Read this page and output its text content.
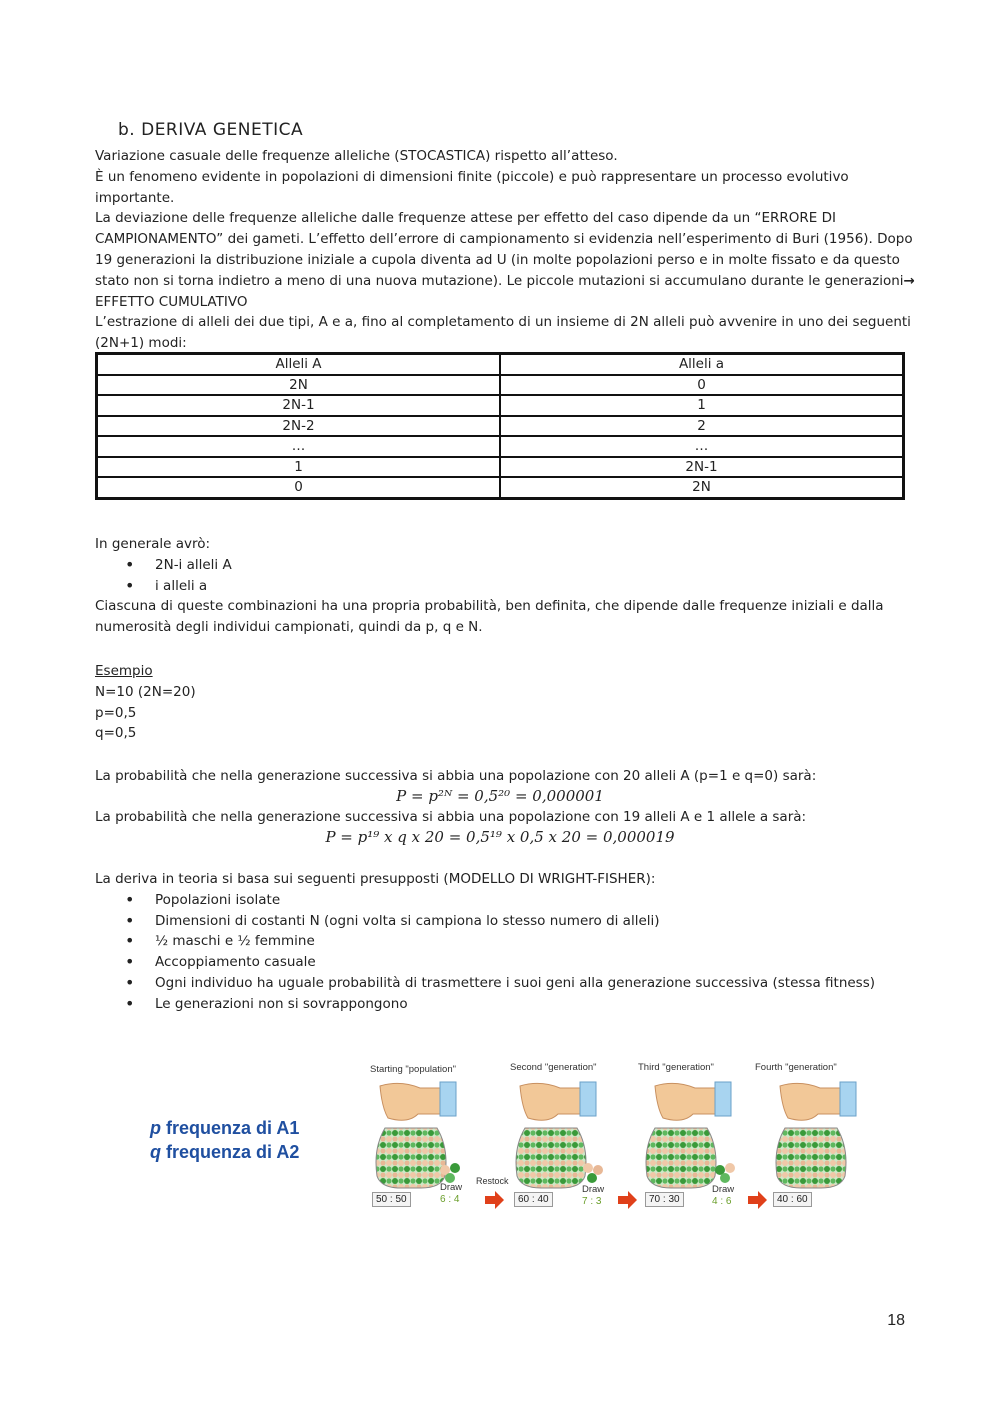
b. DERIVA GENETICA

Variazione casuale delle frequenze alleliche (STOCASTICA) rispetto all’atteso.

È un fenomeno evidente in popolazioni di dimensioni finite (piccole) e può rappresentare un processo evolutivo importante.

La deviazione delle frequenze alleliche dalle frequenze attese per effetto del caso dipende da un “ERRORE DI CAMPIONAMENTO” dei gameti. L’effetto dell’errore di campionamento si evidenzia nell’esperimento di Buri (1956). Dopo 19 generazioni la distribuzione iniziale a cupola diventa ad U (in molte popolazioni perso e in molte fissato e da questo stato non si torna indietro a meno di una nuova mutazione). Le piccole mutazioni si accumulano durante le generazioni→ EFFETTO CUMULATIVO

L’estrazione di alleli dei due tipi, A e a, fino al completamento di un insieme di 2N alleli può avvenire in uno dei seguenti (2N+1) modi:

Alleli A	Alleli a
2N	0
2N-1	1
2N-2	2
…	…
1	2N-1
0	2N

In generale avrò:

• 2N-i alleli A
• i alleli a

Ciascuna di queste combinazioni ha una propria probabilità, ben definita, che dipende dalle frequenze iniziali e dalla numerosità degli individui campionati, quindi da p, q e N.

Esempio

N=10 (2N=20)

p=0,5

q=0,5

La probabilità che nella generazione successiva si abbia una popolazione con 20 alleli A (p=1 e q=0) sarà:
P = p²ᴺ = 0,5²⁰ = 0,000001
La probabilità che nella generazione successiva si abbia una popolazione con 19 alleli A e 1 allele a sarà:
P = p¹⁹ x q x 20 = 0,5¹⁹ x 0,5 x 20 = 0,000019

La deriva in teoria si basa sui seguenti presupposti (MODELLO DI WRIGHT-FISHER):

• Popolazioni isolate
• Dimensioni di costanti N (ogni volta si campiona lo stesso numero di alleli)
• ½ maschi e ½ femmine
• Accoppiamento casuale
• Ogni individuo ha uguale probabilità di trasmettere i suoi geni alla generazione successiva (stessa fitness)
• Le generazioni non si sovrappongono
p frequenza di A1
q frequenza di A2
Starting "population"	Second "generation"	Third "generation"	Fourth "generation"
50 : 50	60 : 40	70 : 30	40 : 60
Draw
6 : 4
Draw
7 : 3
Draw
4 : 6
Restock
18
